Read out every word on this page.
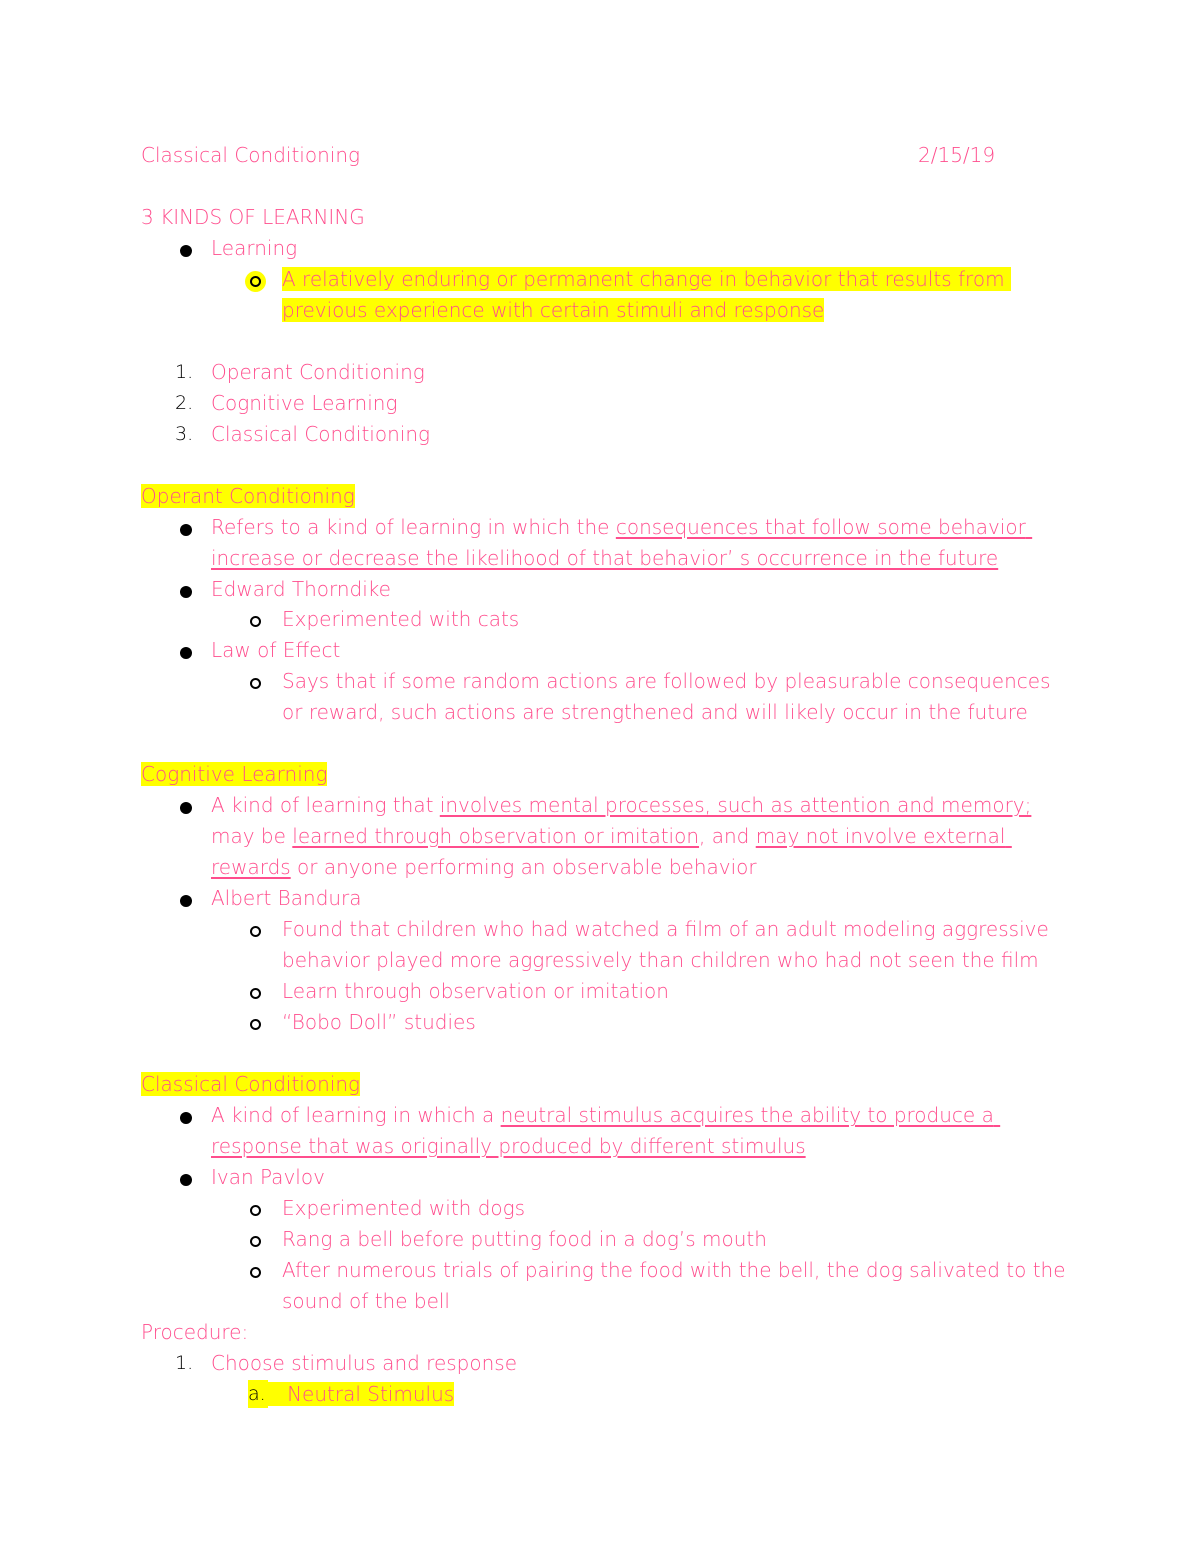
Classical Conditioning	2/15/19
3 KINDS OF LEARNING
Learning
A relatively enduring or permanent change in behavior that results from
previous experience with certain stimuli and response
1. Operant Conditioning
2. Cognitive Learning
3. Classical Conditioning
Operant Conditioning
Refers to a kind of learning in which the consequences that follow some behavior
increase or decrease the likelihood of that behavior’ s occurrence in the future
Edward Thorndike
Experimented with cats
Law of Effect
Says that if some random actions are followed by pleasurable consequences
or reward, such actions are strengthened and will likely occur in the future
Cognitive Learning
A kind of learning that involves mental processes, such as attention and memory;
may be learned through observation or imitation, and may not involve external
rewards or anyone performing an observable behavior
Albert Bandura
Found that children who had watched a film of an adult modeling aggressive
behavior played more aggressively than children who had not seen the film
Learn through observation or imitation
“Bobo Doll” studies
Classical Conditioning
A kind of learning in which a neutral stimulus acquires the ability to produce a
response that was originally produced by different stimulus
Ivan Pavlov
Experimented with dogs
Rang a bell before putting food in a dog’s mouth
After numerous trials of pairing the food with the bell, the dog salivated to the
sound of the bell
Procedure:
1. Choose stimulus and response
a.	Neutral Stimulus
